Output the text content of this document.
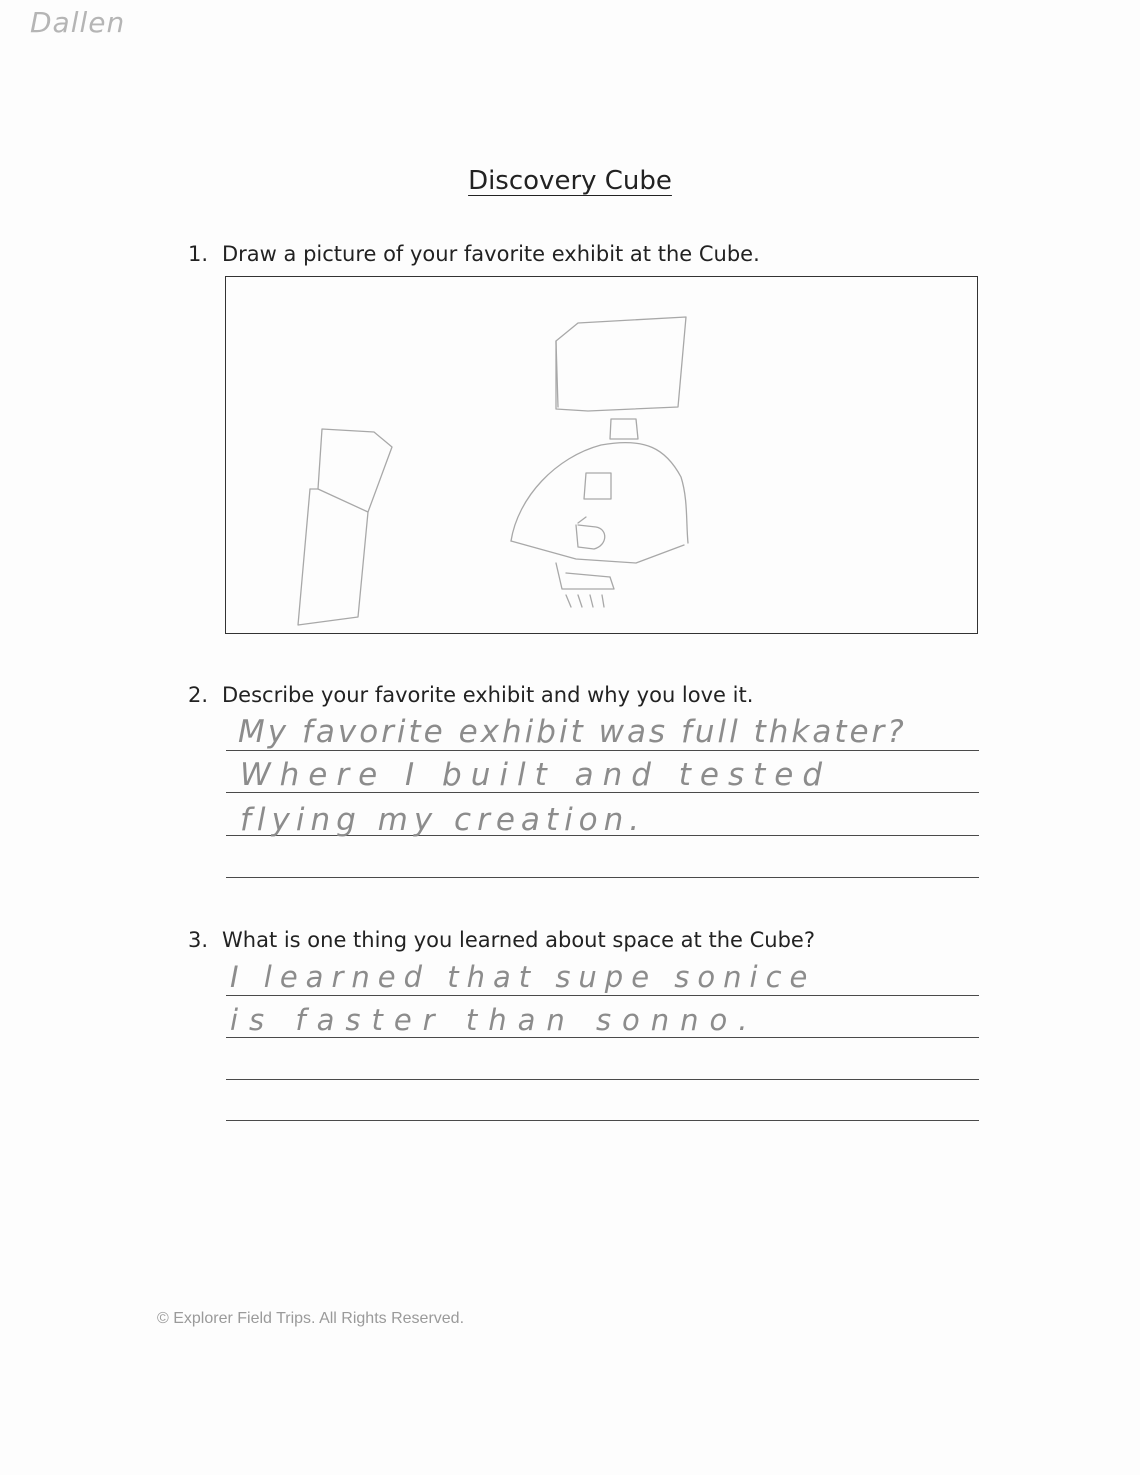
Dallen
Discovery Cube
1. Draw a picture of your favorite exhibit at the Cube.
2. Describe your favorite exhibit and why you love it.
My favorite exhibit was full thkater?
Where I built and tested
flying my creation.
3. What is one thing you learned about space at the Cube?
I learned that supe sonice
is faster than sonno.
© Explorer Field Trips. All Rights Reserved.
